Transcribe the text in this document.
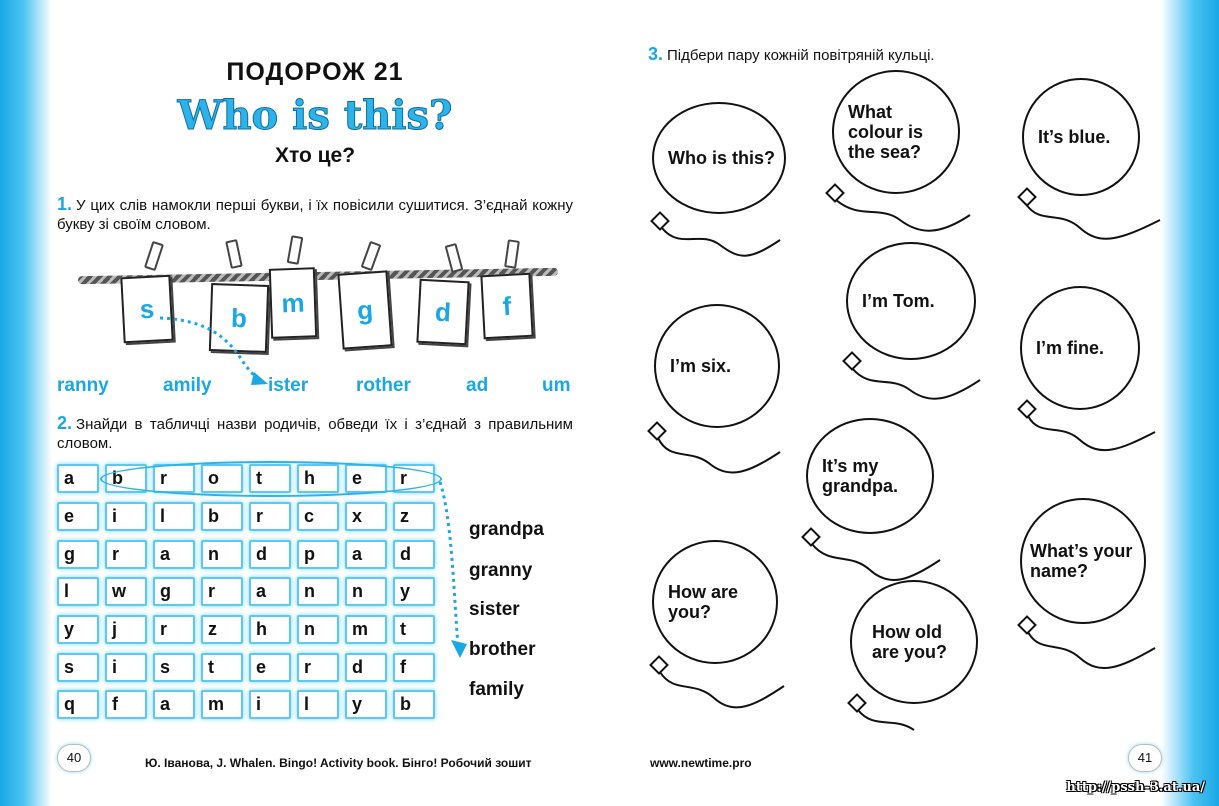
ПОДОРОЖ 21
Who is this?
Хто це?
1. У цих слів намокли перші букви, і їх повісили сушитися. З’єднай кожну букву зі своїм словом.
s	b m g d f
ranny	amily	ister	rother	ad	um
2. Знайди в табличці назви родичів, обведи їх і з’єднай з правильним словом.
a	b	r	o	t	h	e	r
e	i	l	b	r	c	x	z
g	r	a	n	d	p	a	d
l	w	g	r	a	n	n	y
y	j	r	z	h	n	m	t
s	i	s	t	e	r	d	f
q	f	a	m	i	l	y	b
grandpa
granny
sister
brother
family
40	Ю. Іванова, J. Whalen. Bingo! Activity book. Бінго! Робочий зошит
3. Підбери пару кожній повітряній кульці.
Who is this?
What colour is the sea?
It’s blue.
I’m Tom.
I’m six.
I’m fine.
It’s my grandpa.
How are you?
What’s your name?
How old are you?
www.newtime.pro	41
http://pssh-3.at.ua/
